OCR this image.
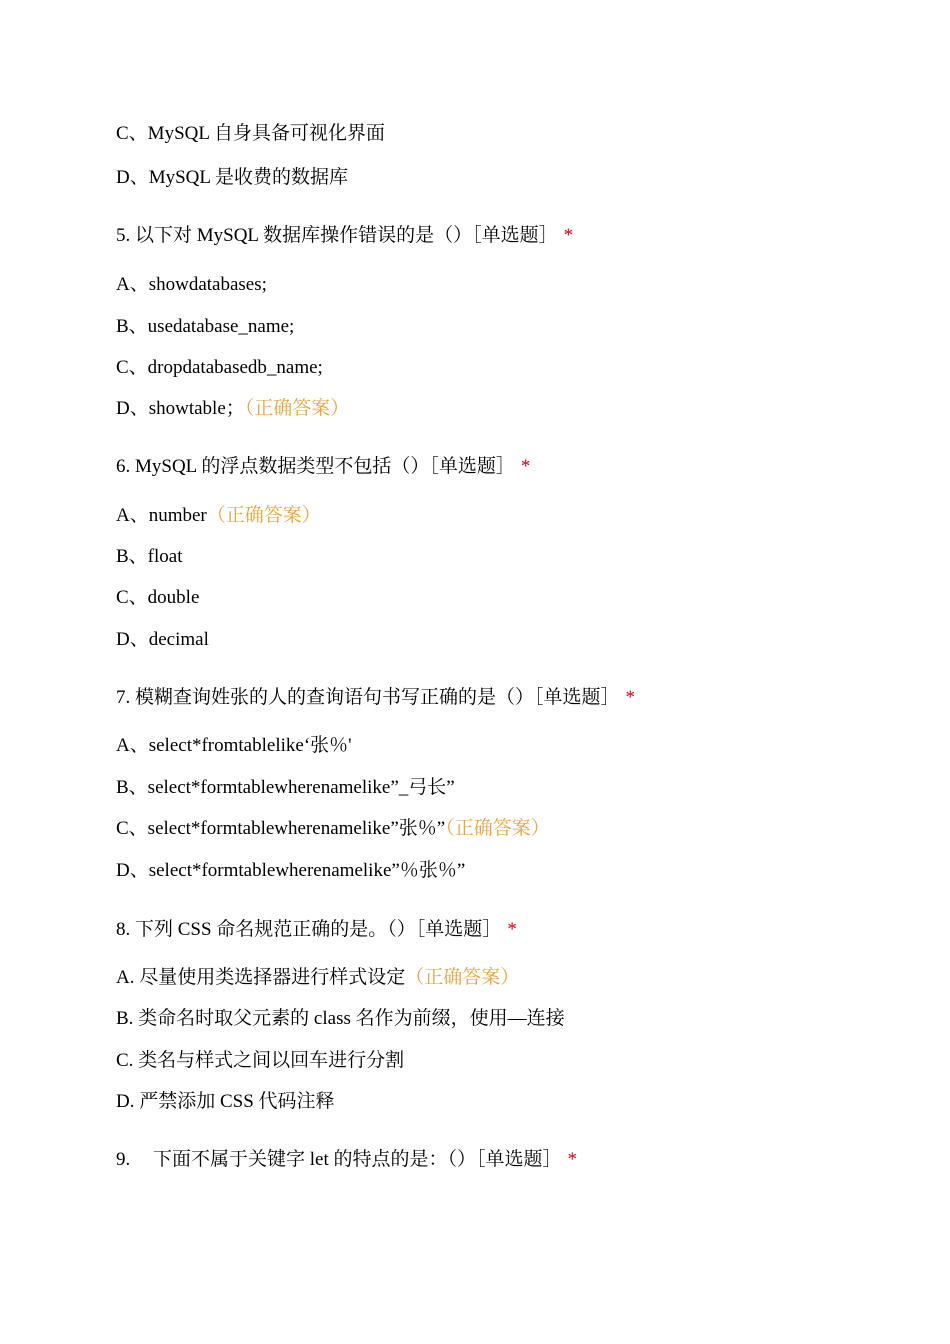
C、MySQL 自身具备可视化界面
D、MySQL 是收费的数据库
5. 以下对 MySQL 数据库操作错误的是（）［单选题］ *
A、showdatabases;
B、usedatabase_name;
C、dropdatabasedb_name;
D、showtable；（正确答案）
6. MySQL 的浮点数据类型不包括（）［单选题］ *
A、number（正确答案）
B、float
C、double
D、decimal
7. 模糊查询姓张的人的查询语句书写正确的是（）［单选题］ *
A、select*fromtablelike‘张％'
B、select*formtablewherenamelike”_弓长”
C、select*formtablewherenamelike”张％”（正确答案）
D、select*formtablewherenamelike”％张％”
8. 下列 CSS 命名规范正确的是。（）［单选题］ *
A. 尽量使用类选择器进行样式设定（正确答案）
B. 类命名时取父元素的 class 名作为前缀，使用—连接
C. 类名与样式之间以回车进行分割
D. 严禁添加 CSS 代码注释
9. 下面不属于关键字 let 的特点的是：（）［单选题］ *
